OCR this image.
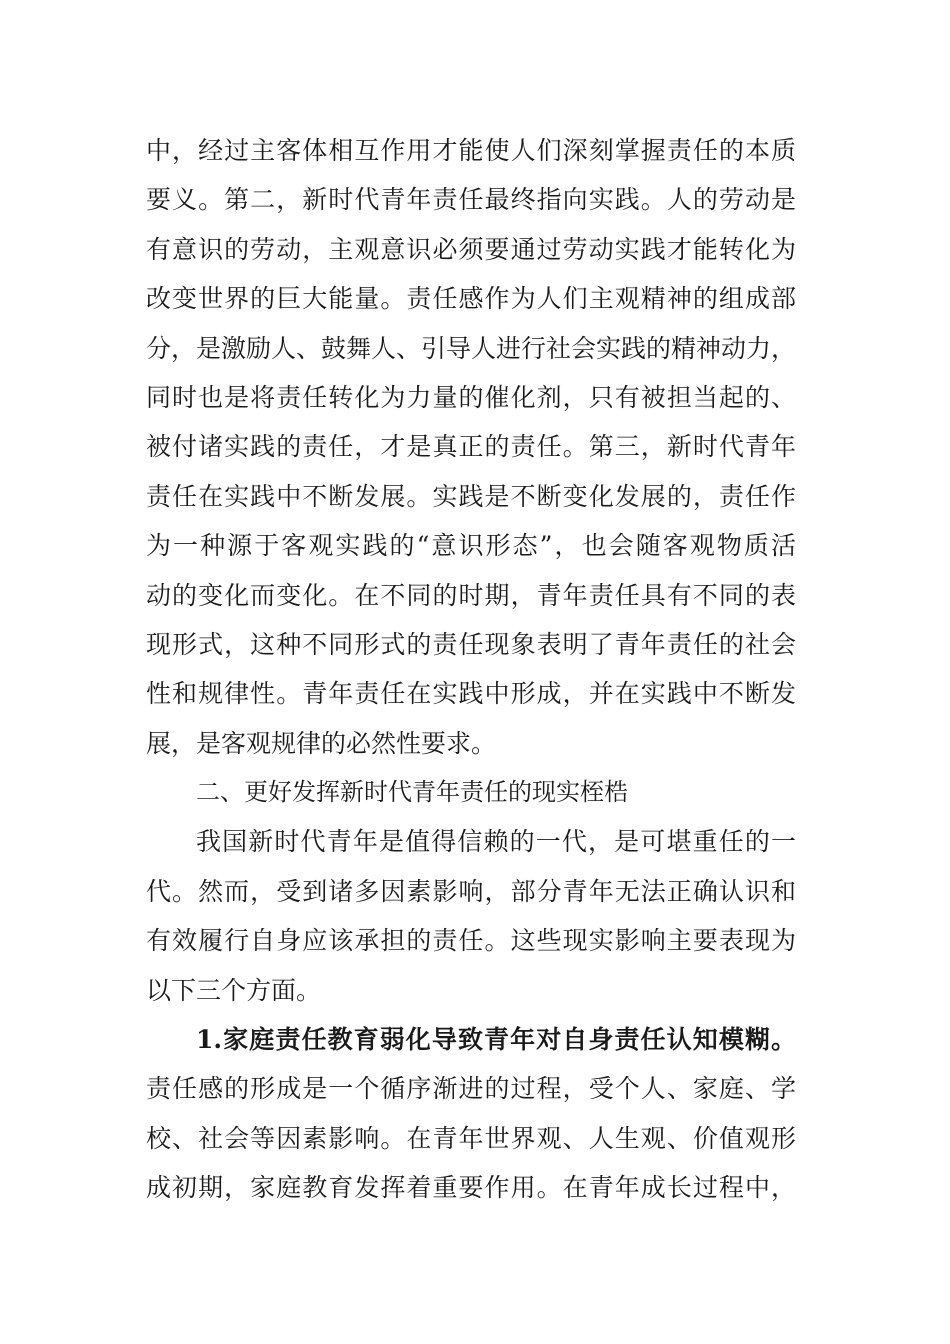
中，经过主客体相互作用才能使人们深刻掌握责任的本质
要义。第二，新时代青年责任最终指向实践。人的劳动是
有意识的劳动，主观意识必须要通过劳动实践才能转化为
改变世界的巨大能量。责任感作为人们主观精神的组成部
分，是激励人、鼓舞人、引导人进行社会实践的精神动力，
同时也是将责任转化为力量的催化剂，只有被担当起的、
被付诸实践的责任，才是真正的责任。第三，新时代青年
责任在实践中不断发展。实践是不断变化发展的，责任作
为一种源于客观实践的“意识形态”，也会随客观物质活
动的变化而变化。在不同的时期，青年责任具有不同的表
现形式，这种不同形式的责任现象表明了青年责任的社会
性和规律性。青年责任在实践中形成，并在实践中不断发
展，是客观规律的必然性要求。
二、更好发挥新时代青年责任的现实桎梏
我国新时代青年是值得信赖的一代，是可堪重任的一
代。然而，受到诸多因素影响，部分青年无法正确认识和
有效履行自身应该承担的责任。这些现实影响主要表现为
以下三个方面。
1.家庭责任教育弱化导致青年对自身责任认知模糊。
责任感的形成是一个循序渐进的过程，受个人、家庭、学
校、社会等因素影响。在青年世界观、人生观、价值观形
成初期，家庭教育发挥着重要作用。在青年成长过程中，
